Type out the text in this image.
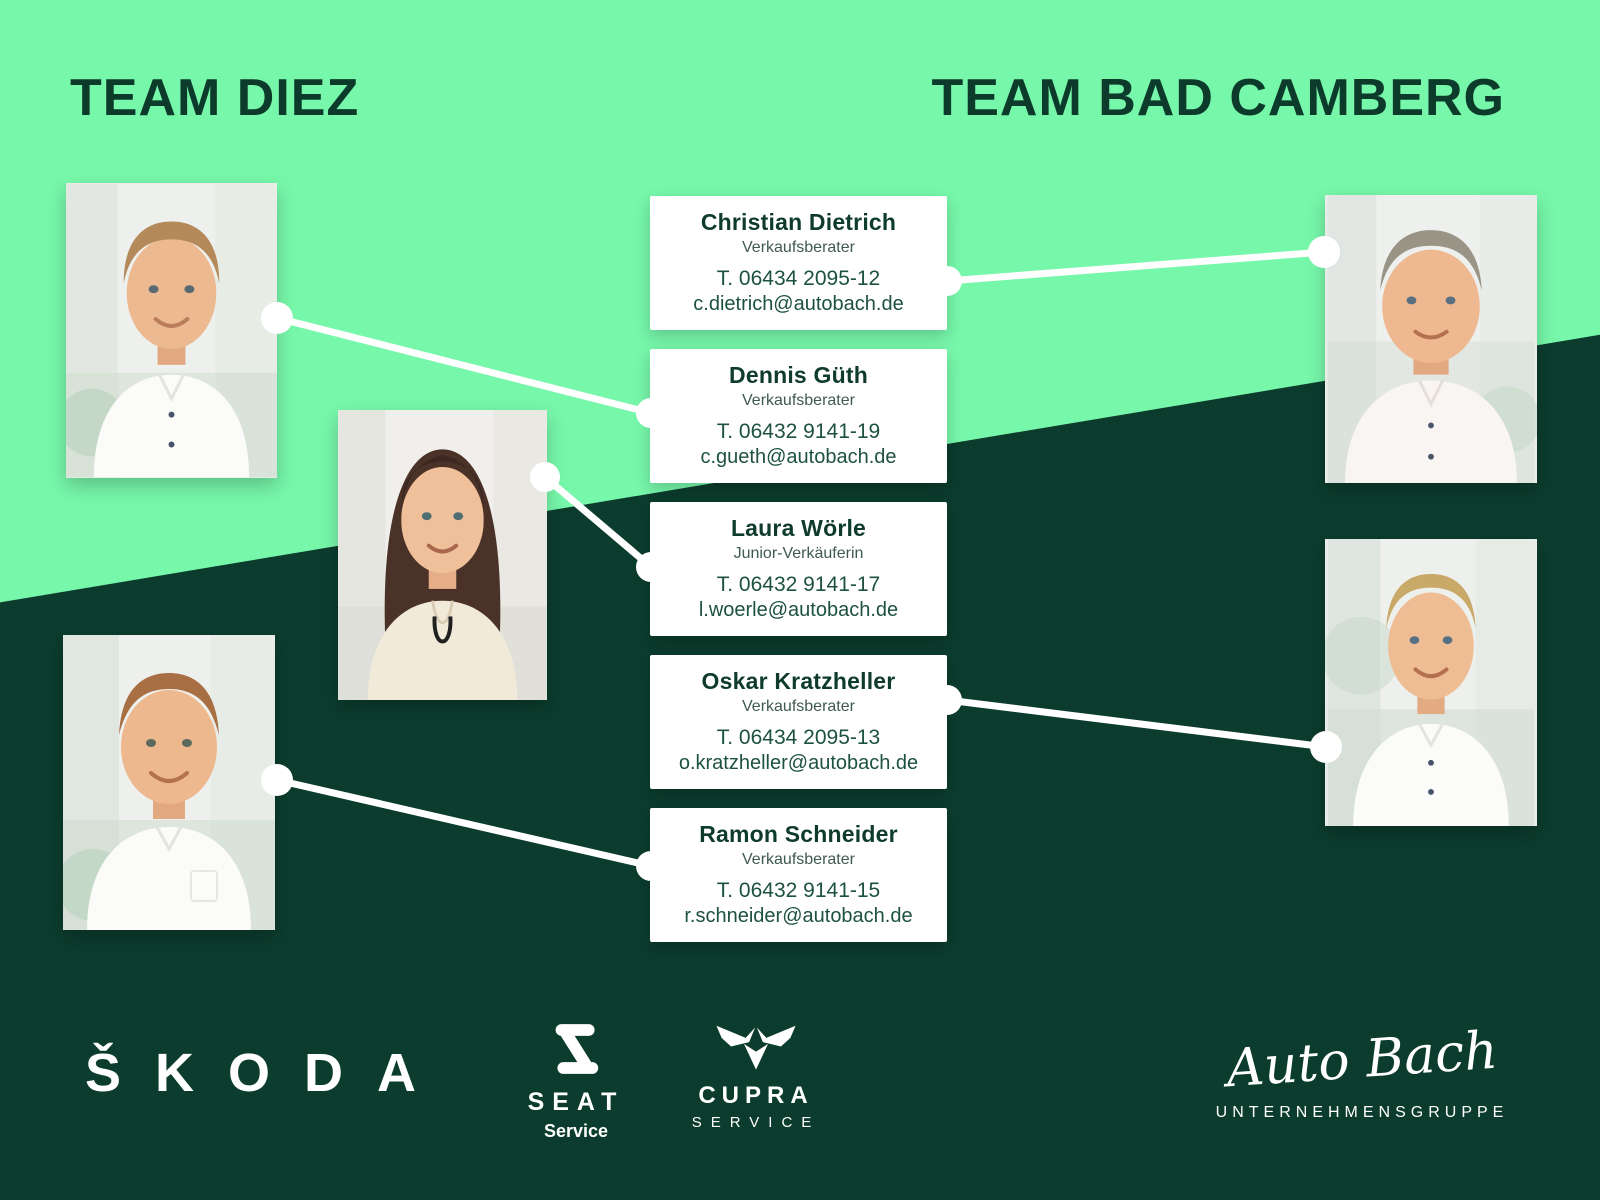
TEAM DIEZ	TEAM BAD CAMBERG
Christian Dietrich
Verkaufsberater
T. 06434 2095-12
c.dietrich@autobach.de
Dennis Güth
Verkaufsberater
T. 06432 9141-19
c.gueth@autobach.de
Laura Wörle
Junior-Verkäuferin
T. 06432 9141-17
l.woerle@autobach.de
Oskar Kratzheller
Verkaufsberater
T. 06434 2095-13
o.kratzheller@autobach.de
Ramon Schneider
Verkaufsberater
T. 06432 9141-15
r.schneider@autobach.de
ŠKODA	SEAT
Service
CUPRA
SERVICE
Auto Bach
UNTERNEHMENSGRUPPE
